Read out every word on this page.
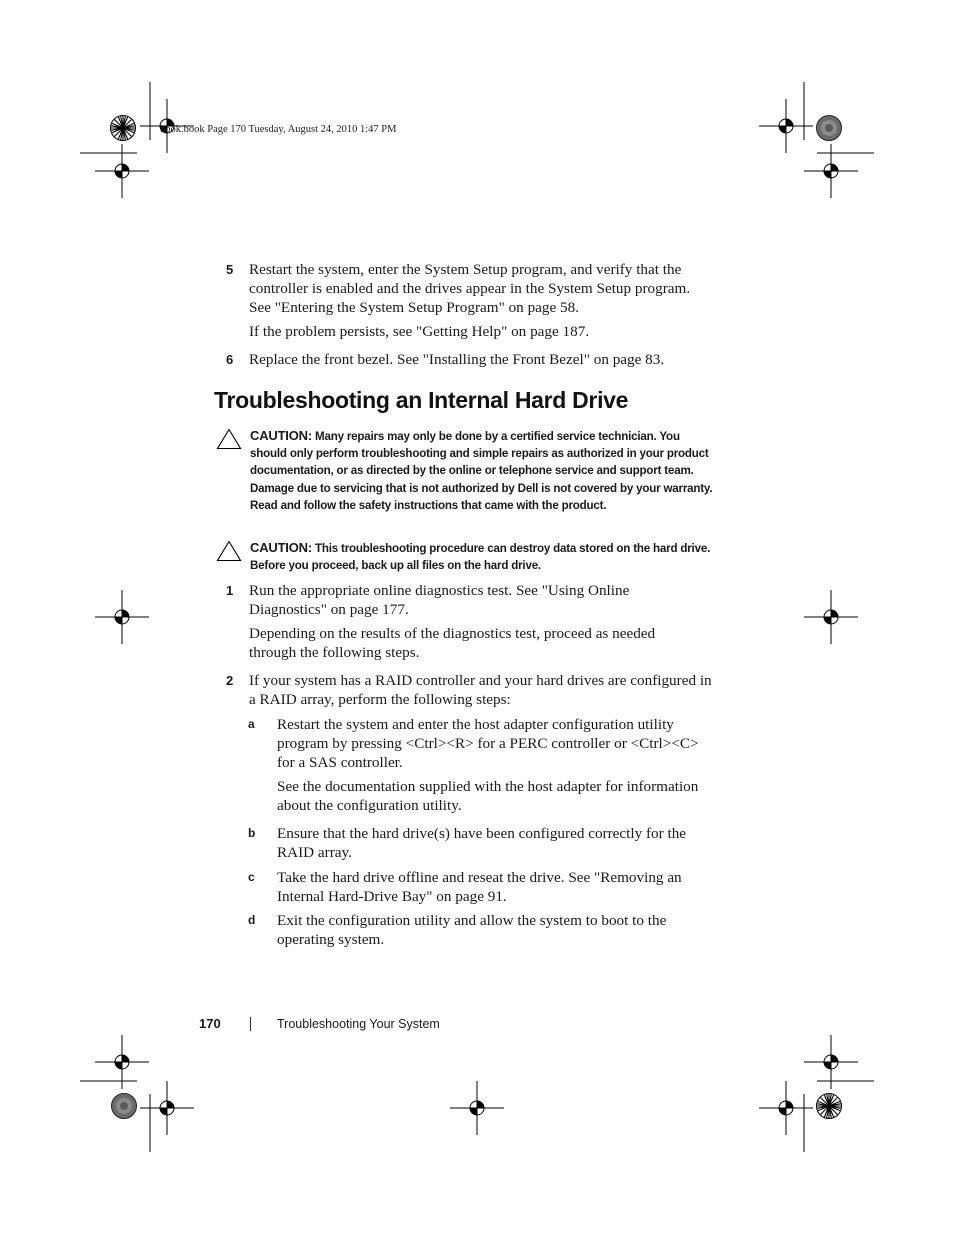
book.book Page 170 Tuesday, August 24, 2010 1:47 PM
5 Restart the system, enter the System Setup program, and verify that the controller is enabled and the drives appear in the System Setup program. See "Entering the System Setup Program" on page 58.
If the problem persists, see "Getting Help" on page 187.
6 Replace the front bezel. See "Installing the Front Bezel" on page 83.
Troubleshooting an Internal Hard Drive
CAUTION: Many repairs may only be done by a certified service technician. You should only perform troubleshooting and simple repairs as authorized in your product documentation, or as directed by the online or telephone service and support team. Damage due to servicing that is not authorized by Dell is not covered by your warranty. Read and follow the safety instructions that came with the product.
CAUTION: This troubleshooting procedure can destroy data stored on the hard drive. Before you proceed, back up all files on the hard drive.
1 Run the appropriate online diagnostics test. See "Using Online Diagnostics" on page 177.
Depending on the results of the diagnostics test, proceed as needed through the following steps.
2 If your system has a RAID controller and your hard drives are configured in a RAID array, perform the following steps:
a Restart the system and enter the host adapter configuration utility program by pressing <Ctrl><R> for a PERC controller or <Ctrl><C> for a SAS controller.
See the documentation supplied with the host adapter for information about the configuration utility.
b Ensure that the hard drive(s) have been configured correctly for the RAID array.
c Take the hard drive offline and reseat the drive. See "Removing an Internal Hard-Drive Bay" on page 91.
d Exit the configuration utility and allow the system to boot to the operating system.
170	Troubleshooting Your System
